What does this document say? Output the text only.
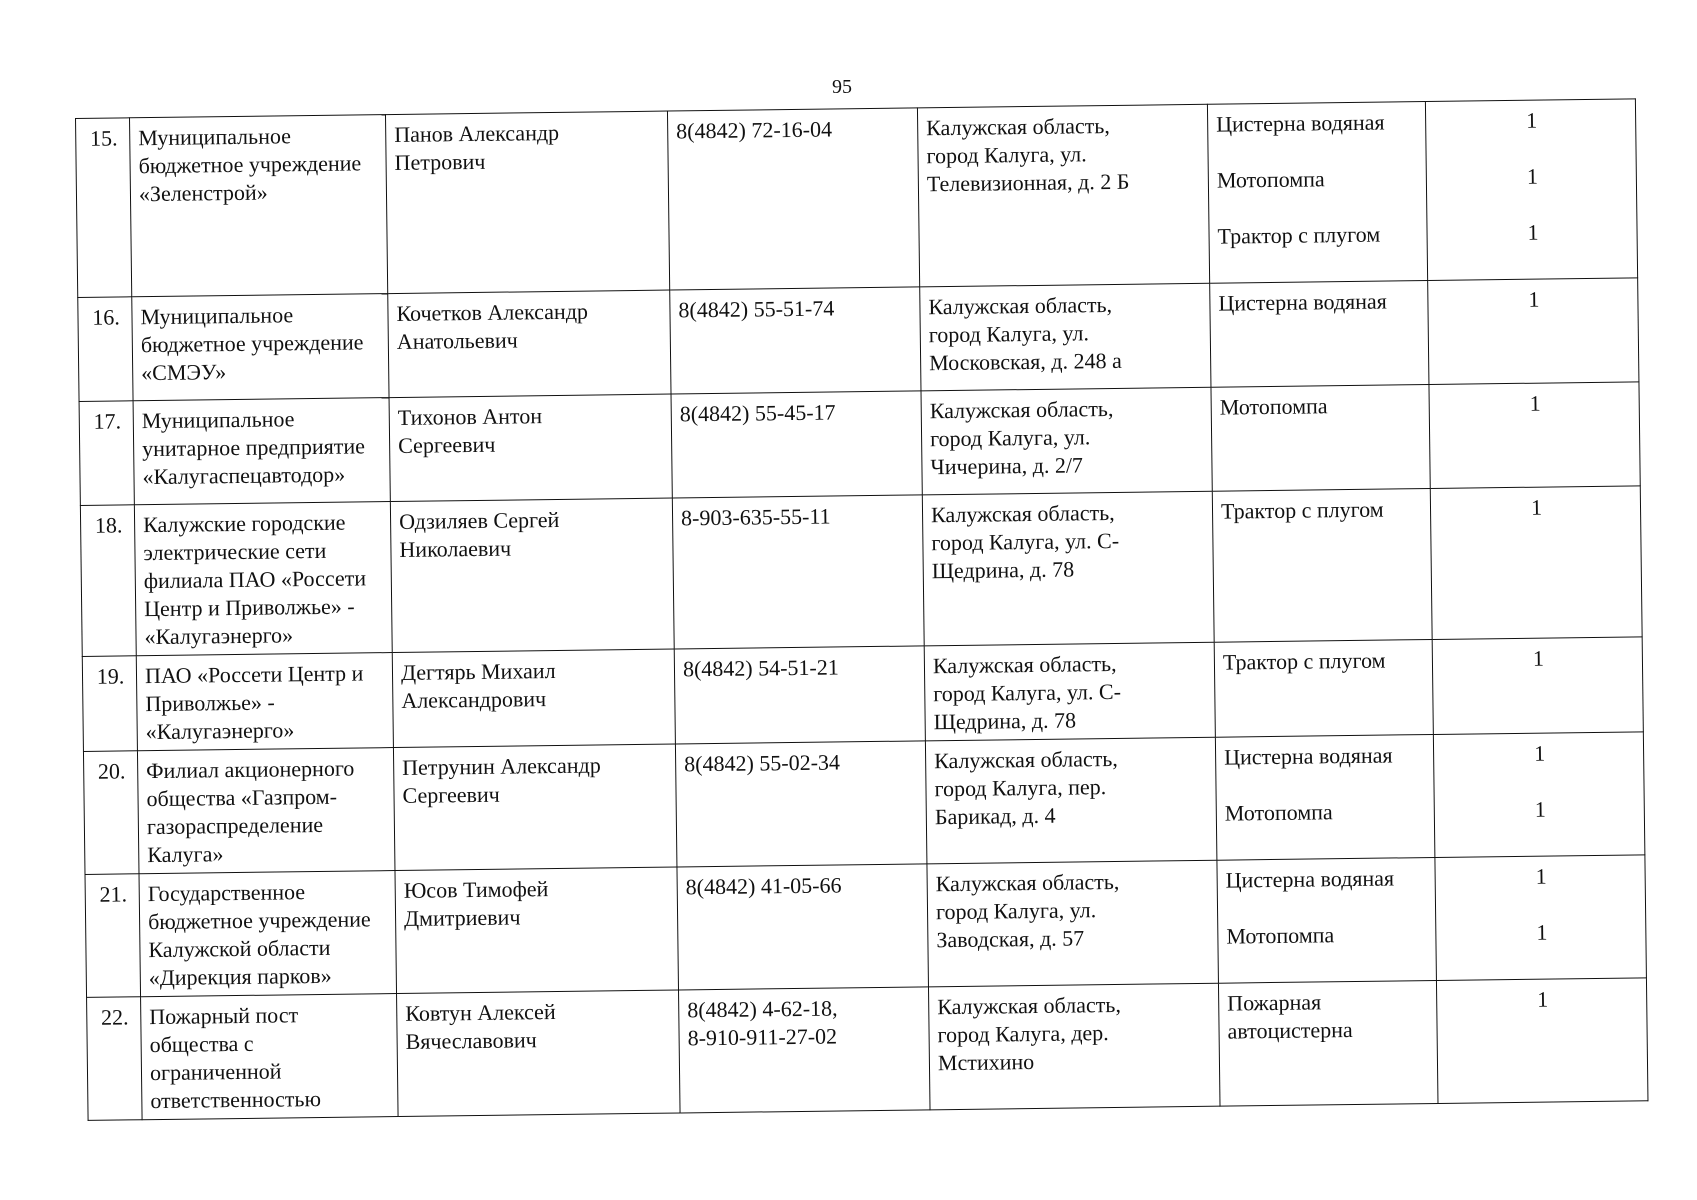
95
15.	Муниципальное
бюджетное учреждение
«Зеленстрой»	Панов Александр
Петрович	8(4842) 72-16-04	Калужская область,
город Калуга, ул.
Телевизионная, д. 2 Б	Цистерна водяная
Мотопомпа
Трактор с плугом	1
1
1

16.	Муниципальное
бюджетное учреждение
«СМЭУ»	Кочетков Александр
Анатольевич	8(4842) 55-51-74	Калужская область,
город Калуга, ул.
Московская, д. 248 а	Цистерна водяная	1

17.	Муниципальное
унитарное предприятие
«Калугаспецавтодор»	Тихонов Антон
Сергеевич	8(4842) 55-45-17	Калужская область,
город Калуга, ул.
Чичерина, д. 2/7	Мотопомпа	1

18.	Калужские городские
электрические сети
филиала ПАО «Россети
Центр и Приволжье» -
«Калугаэнерго»	Одзиляев Сергей
Николаевич	8-903-635-55-11	Калужская область,
город Калуга, ул. С-
Щедрина, д. 78	Трактор с плугом	1

19.	ПАО «Россети Центр и
Приволжье» -
«Калугаэнерго»	Дегтярь Михаил
Александрович	8(4842) 54-51-21	Калужская область,
город Калуга, ул. С-
Щедрина, д. 78	Трактор с плугом	1

20.	Филиал акционерного
общества «Газпром-
газораспределение
Калуга»	Петрунин Александр
Сергеевич	8(4842) 55-02-34	Калужская область,
город Калуга, пер.
Барикад, д. 4	Цистерна водяная
Мотопомпа	1
1

21.	Государственное
бюджетное учреждение
Калужской области
«Дирекция парков»	Юсов Тимофей
Дмитриевич	8(4842) 41-05-66	Калужская область,
город Калуга, ул.
Заводская, д. 57	Цистерна водяная
Мотопомпа	1
1

22.	Пожарный пост
общества с
ограниченной
ответственностью	Ковтун Алексей
Вячеславович	8(4842) 4-62-18,
8-910-911-27-02	Калужская область,
город Калуга, дер.
Мстихино	Пожарная
автоцистерна	1
